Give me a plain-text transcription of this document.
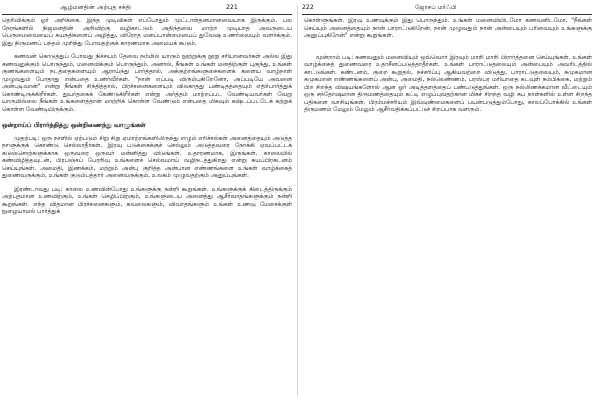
ஆழ்மனதின் அற்புத சக்தி	221

தெரிவிக்கும் ஓர் அறிக்கை. இந்த முடிவிகள் எப்போதும் முட்டாள்தனமானவையாக இருக்கும். பல நேரங்களில் நிஜமனதின் அறிவிற்கு வழிகாட்டும் அதிந்தவை மாற்ற முடியாத அவருடைய பெருமைவையைப் சுயநதிகளைப் அழித்து, விரோத மனப்பான்மையைப் துவேஷ உணர்வையும் வளர்க்கும். இது நிருமணப் பந்தம் முறிந்து போவதற்குக் காரணமாக அமையக் கூடும்.

கணவன் கொடுத்துப் போவது நிச்சயம் தேவை நம்மில் யாரும் நூற்றுக்கு நூறு சரியானவர்கள் அல்ல இது கணவனுக்கும் பொருந்தும், மனைவிக்கும் பொருந்தும். அனால், நீங்கள் உங்கள் மனதிற்குள் புகுந்து, உங்கள் குணங்களையும் நடத்தைகளையும் ஆராய்ந்து பார்த்தால், அக்குற்றங்களுசைகளைக் களைய வாழ்நாள் முழுவதும் போதாது என்பதை உணர்வீர்கள். "நான் எப்படி விரும்புகிறேனோ, அப்படியே அவனை அன்புடிவான்" என்று நீங்கள் சிந்தித்தால், பிரச்சனைகளையும் விலகாதது பண்டிதத்தையும் எதிர்பார்த்துக் கொண்டிருக்கிறீர்கள். துயர்தகைக் கேண்டுகிறீர்கள் என்று அர்த்தம் மாற்றப்பட வேண்டியவர்கள் வேறு யாருமில்லை நீங்கள் உங்களைத்தான் மாற்றிக் கொள்ள வேண்டும் என்பதை மிகவும் கஷ்டப்பட்டேக் கற்றுக் கொள்ள வேண்டியிருக்கும்.

ஒன்றாய்ப் பிரார்த்தித்து ஒன்றிணைந்து வாழுங்கள்

முதற்படி: ஒரு நாளில் ஏற்படும் சிறு சிறு ஏமாற்றங்களிலிருந்து எழும் எரிச்சல்கள் அனைத்தையும் அடுத்த நாளுக்குக் கொண்டு செல்லாதீர்கள். இரவு படுக்கைக்குச் செல்லும் அடுத்தவரை நோக்கி ஏவப்பட்டக் கடுஞ்சொற்களுக்காக ஒருவரை ஒருவர் மன்னித்து விடுங்கள். உதாரணமாக, இருங்கள். காலையில் கண்விழித்தவுடன், பிரபஞ்சப் பேரறிவு உங்களைச் செல்வமாய் வழிநடத்துகிறது என்று சுயப்பிரகடனம் செய்யுங்கள். அமைதி, இணக்கம், மற்றும் அன்பு குறித்த அன்பான எண்ணங்களை உங்கள் வாழ்க்கைத் துணைவருக்கும், உங்கள் குடும்பத்தார் அனைவருக்கும், உலகம் முழுவதற்கும் அனுப்புங்கள்.

இரண்டாவது படி: காலை உணவின்போது உங்களுக்கு நன்றி கூறுங்கள். உங்களுக்குக் கிடைத்திருக்கும் அற்புதமான உணவிற்கும், உங்கள் செழிப்பிற்கும், உங்களுடைய அனைத்து ஆசீர்வாதங்களுக்கும் நன்றி கூறுங்கள். எந்த விதமான பிரச்சனைகளும், கவலைகளும், விவாதங்களும் உங்கள் உணவு மேசைக்குள் நுழையாமல் பார்த்துக்

222	ஜோசப் மர்ஃபி

கொள்ளுங்கள். இரவு உணவுக்கும் இது பொருந்தும். உங்கள் மனைவியிடமோ கணவனிடமோ, "நீங்கள் செய்யும் அனைத்தையும் நான் பாராட்டுகிறேன். நான் முழுவதும் நான் அன்பையும் பரிவையும் உங்களுக்கு அனுப்புகிறேன்" என்று கூறுங்கள்.

மூன்றாம் படி: கணவனும் மனைவியும் ஒவ்வொர் இரவும் மாறி மாறி பிரார்த்தனை செய்யுங்கள். உங்கள் வாழ்க்கைத் துணைவரை உதாசீனப்படுத்தாதீர்கள். உங்கள் பாராட்டுதலையும் அன்பையும் அவரிடத்தில் காட்டுங்கள். கண்டனம், குறை கூறுதல், நச்சரிப்பு ஆகியவற்றை விடுத்து, பாராட்டுதலையும், சுமுகமான சுமுகமான எண்ணங்களைப் அன்பு, அமைதி, நல்லெண்ணம், பரஸ்பர மரியாதை கடவுள் நம்பிக்கை, மற்றும் பிற சிறந்த விஷயங்களோல் ஆன ஓர் அடித்தளத்தைப் பண்படுத்துங்கள். ஒரு நல்லிணக்கமான வீட்டையும் ஒரு சந்தோஷமான திருமணத்தையும் கட்டி எழுப்புவதற்கான மிகச் சிறந்த வழி சுப நாள்களில் உள்ள சிறந்த பதிகளை வாசியுங்கள். பிரம்மச்சரியம் இவ்வுண்மைகளைப் பயன்படுத்தும்போது, காலப்போக்கில் உங்கள் திருமணம் மேலும் மேலும் ஆசீர்வதிக்கப்பட்டுச் சிறப்பாக வளரும்.
